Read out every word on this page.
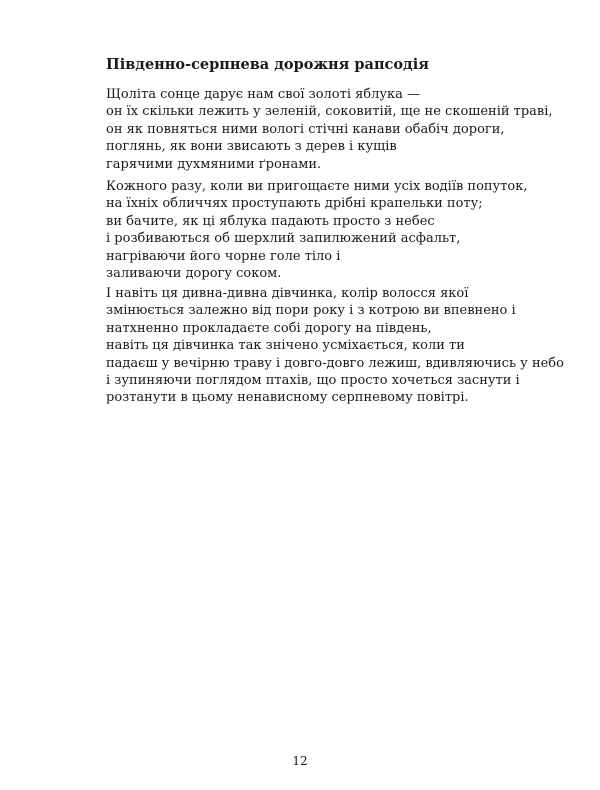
Південно-серпнева дорожня рапсодія

Щоліта сонце дарує нам свої золоті яблука —
он їх скільки лежить у зеленій, соковитій, ще не скошеній траві,
он як повняться ними вологі стічні канави обабіч дороги,
поглянь, як вони звисають з дерев і кущів
гарячими духмяними ґронами.

Кожного разу, коли ви пригощаєте ними усіх водіїв попуток,
на їхніх обличчях проступають дрібні крапельки поту;
ви бачите, як ці яблука падають просто з небес
і розбиваються об шерхлий запилюжений асфальт,
нагріваючи його чорне голе тіло і
заливаючи дорогу соком.

І навіть ця дивна-дивна дівчинка, колір волосся якої
змінюється залежно від пори року і з котрою ви впевнено і
натхненно прокладаєте собі дорогу на південь,
навіть ця дівчинка так знічено усміхається, коли ти
падаєш у вечірню траву і довго-довго лежиш, вдивляючись у небо
і зупиняючи поглядом птахів, що просто хочеться заснути і
розтанути в цьому ненависному серпневому повітрі.

12
